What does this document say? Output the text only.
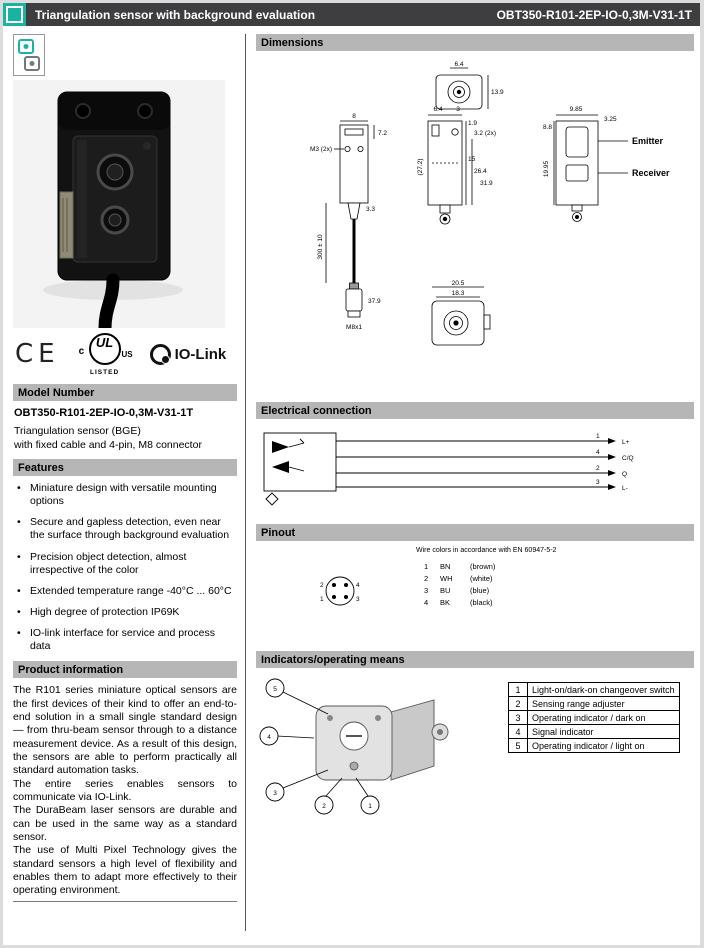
Triangulation sensor with background evaluation	OBT350-R101-2EP-IO-0,3M-V31-1T
CE c
UL
US
LISTED
IO-Link
Model Number
OBT350-R101-2EP-IO-0,3M-V31-1T
Triangulation sensor (BGE)
with fixed cable and 4-pin, M8 connector
Features
• Miniature design with versatile mounting options
• Secure and gapless detection, even near the surface through background evaluation
• Precision object detection, almost irrespective of the color
• Extended temperature range -40°C ... 60°C
• High degree of protection IP69K
• IO-link interface for service and process data
Product information

The R101 series miniature optical sensors are the first devices of their kind to offer an end-to-end solution in a small single standard design — from thru-beam sensor through to a distance measurement device. As a result of this design, the sensors are able to perform practically all standard automation tasks.

The entire series enables sensors to communicate via IO-Link.

The DuraBeam laser sensors are durable and can be used in the same way as a standard sensor.

The use of Multi Pixel Technology gives the standard sensors a high level of flexibility and enables them to adapt more effectively to their operating environment.

Dimensions
6.4
13.9
8
7.2
M3 (2x)
3.3
300 ± 10
37.9
M8x1
6.4 3
1.9
3.2 (2x)
15
26.4
31.9
(27.2)
9.85
3.25
Emitter
Receiver
8.8
19.95
20.5
18.3
Electrical connection
1
4
2
3
L+
C/Q
Q
L-
Pinout
Wire colors in accordance with EN 60947-5-2
2	4
1	3
1	BN	(brown)
2	WH	(white)
3	BU	(blue)
4	BK	(black)
Indicators/operating means
5
4
3
2	1
1	Light-on/dark-on changeover switch
2	Sensing range adjuster
3	Operating indicator / dark on
4	Signal indicator
5	Operating indicator / light on
